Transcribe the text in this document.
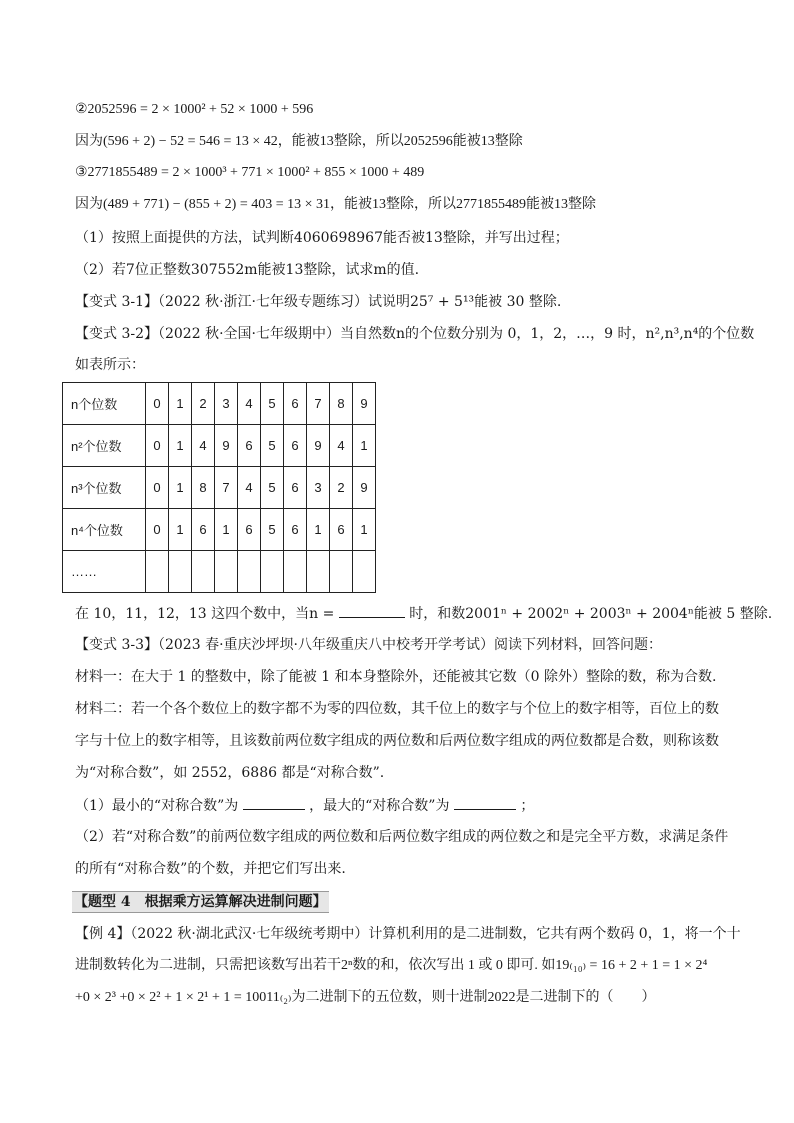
②2052596 = 2 × 1000² + 52 × 1000 + 596
因为(596 + 2) − 52 = 546 = 13 × 42，能被13整除，所以2052596能被13整除
③2771855489 = 2 × 1000³ + 771 × 1000² + 855 × 1000 + 489
因为(489 + 771) − (855 + 2) = 403 = 13 × 31，能被13整除，所以2771855489能被13整除
（1）按照上面提供的方法，试判断4060698967能否被13整除，并写出过程；
（2）若7位正整数307552m能被13整除，试求m的值.
【变式 3-1】（2022 秋·浙江·七年级专题练习）试说明25⁷ + 5¹³能被 30 整除.
【变式 3-2】（2022 秋·全国·七年级期中）当自然数n的个位数分别为 0，1，2，…，9 时，n²,n³,n⁴的个位数
如表所示：
n个位数	0	1	2	3	4	5	6	7	8	9
n²个位数	0	1	4	9	6	5	6	9	4	1
n³个位数	0	1	8	7	4	5	6	3	2	9
n⁴个位数	0	1	6	1	6	5	6	1	6	1
……										
在 10，11，12，13 这四个数中，当n =	时，和数2001ⁿ + 2002ⁿ + 2003ⁿ + 2004ⁿ能被 5 整除.
【变式 3-3】（2023 春·重庆沙坪坝·八年级重庆八中校考开学考试）阅读下列材料，回答问题：
材料一：在大于 1 的整数中，除了能被 1 和本身整除外，还能被其它数（0 除外）整除的数，称为合数.
材料二：若一个各个数位上的数字都不为零的四位数，其千位上的数字与个位上的数字相等，百位上的数
字与十位上的数字相等，且该数前两位数字组成的两位数和后两位数字组成的两位数都是合数，则称该数
为“对称合数”，如 2552，6886 都是“对称合数”.
（1）最小的“对称合数”为	，最大的“对称合数”为	；
（2）若“对称合数”的前两位数字组成的两位数和后两位数字组成的两位数之和是完全平方数，求满足条件
的所有“对称合数”的个数，并把它们写出来.
【题型 4　根据乘方运算解决进制问题】
【例 4】（2022 秋·湖北武汉·七年级统考期中）计算机利用的是二进制数，它共有两个数码 0，1，将一个十
进制数转化为二进制，只需把该数写出若干2ⁿ数的和，依次写出 1 或 0 即可. 如19₍₁₀₎ = 16 + 2 + 1 = 1 × 2⁴
+0 × 2³ +0 × 2² + 1 × 2¹ + 1 = 10011₍₂₎为二进制下的五位数，则十进制2022是二进制下的（　　）
